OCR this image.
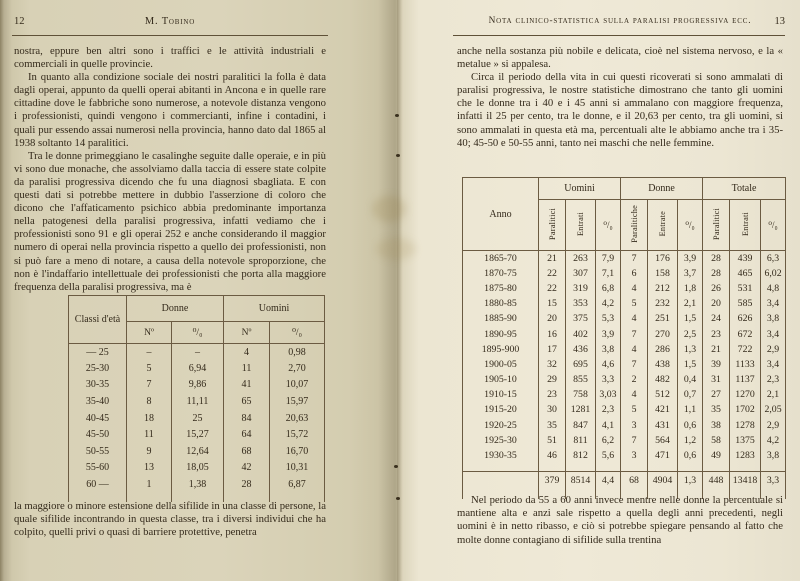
12	M. Tobino

nostra, eppure ben altri sono i traffici e le attività industriali e commerciali in quelle provincie.

In quanto alla condizione sociale dei nostri paralitici la folla è data dagli operai, appunto da quelli operai abitanti in Ancona e in quelle rare cittadine dove le fabbriche sono numerose, a notevole distanza vengono i professionisti, quindi vengono i commercianti, infine i contadini, i quali pur essendo assai numerosi nella provincia, hanno dato dal 1865 al 1938 soltanto 14 paralitici.

Tra le donne primeggiano le casalinghe seguite dalle operaie, e in più vi sono due monache, che assolviamo dalla taccia di essere state colpite da paralisi progressiva dicendo che fu una diagnosi sbagliata. E con questi dati si potrebbe mettere in dubbio l'asserzione di coloro che dicono che l'affaticamento psichico abbia predominante importanza nella patogenesi della paralisi progressiva, infatti vediamo che i professionisti sono 91 e gli operai 252 e anche considerando il maggior numero di operai nella provincia rispetto a quello dei professionisti, non si può fare a meno di notare, a causa della notevole sproporzione, che non è l'indaffario intellettuale dei professionisti che porta alla maggiore frequenza della paralisi progressiva, ma è

Classi d'età	Donne		Uomini	
	Nº	⁰/₀	Nº	⁰/₀
— 25	–	–	4	0,98
25-30	5	6,94	11	2,70
30-35	7	9,86	41	10,07
35-40	8	11,11	65	15,97
40-45	18	25	84	20,63
45-50	11	15,27	64	15,72
50-55	9	12,64	68	16,70
55-60	13	18,05	42	10,31
60 —	1	1,38	28	6,87

la maggiore o minore estensione della sifilide in una classe di persone, la quale sifilide incontrando in questa classe, tra i diversi individui che ha colpito, quelli privi o quasi di barriere protettive, penetra
13
Nota clinico-statistica sulla paralisi progressiva ecc.

anche nella sostanza più nobile e delicata, cioè nel sistema nervoso, e la « metalue » si appalesa.

Circa il periodo della vita in cui questi ricoverati si sono ammalati di paralisi progressiva, le nostre statistiche dimostrano che tanto gli uomini che le donne tra i 40 e i 45 anni si ammalano con maggiore frequenza, infatti il 25 per cento, tra le donne, e il 20,63 per cento, tra gli uomini, si sono ammalati in questa età ma, percentuali alte le abbiamo anche tra i 35-40; 45-50 e 50-55 anni, tanto nei maschi che nelle femmine.

Anno	Uomini			Donne			Totale		
	Paralitici	Entrati	⁰/₀	Paralitiche	Entrate	⁰/₀	Paralitici	Entrati	⁰/₀
1865-70	21	263	7,9	7	176	3,9	28	439	6,3
1870-75	22	307	7,1	6	158	3,7	28	465	6,02
1875-80	22	319	6,8	4	212	1,8	26	531	4,8
1880-85	15	353	4,2	5	232	2,1	20	585	3,4
1885-90	20	375	5,3	4	251	1,5	24	626	3,8
1890-95	16	402	3,9	7	270	2,5	23	672	3,4
1895-900	17	436	3,8	4	286	1,3	21	722	2,9
1900-05	32	695	4,6	7	438	1,5	39	1133	3,4
1905-10	29	855	3,3	2	482	0,4	31	1137	2,3
1910-15	23	758	3,03	4	512	0,7	27	1270	2,1
1915-20	30	1281	2,3	5	421	1,1	35	1702	2,05
1920-25	35	847	4,1	3	431	0,6	38	1278	2,9
1925-30	51	811	6,2	7	564	1,2	58	1375	4,2
1930-35	46	812	5,6	3	471	0,6	49	1283	3,8

	379	8514	4,4	68	4904	1,3	448	13418	3,3

Nel periodo da 55 a 60 anni invece mentre nelle donne la percentuale si mantiene alta e anzi sale rispetto a quella degli anni precedenti, negli uomini è in netto ribasso, e ciò si potrebbe spiegare pensando al fatto che molte donne contagiano di sifilide sulla trentina
